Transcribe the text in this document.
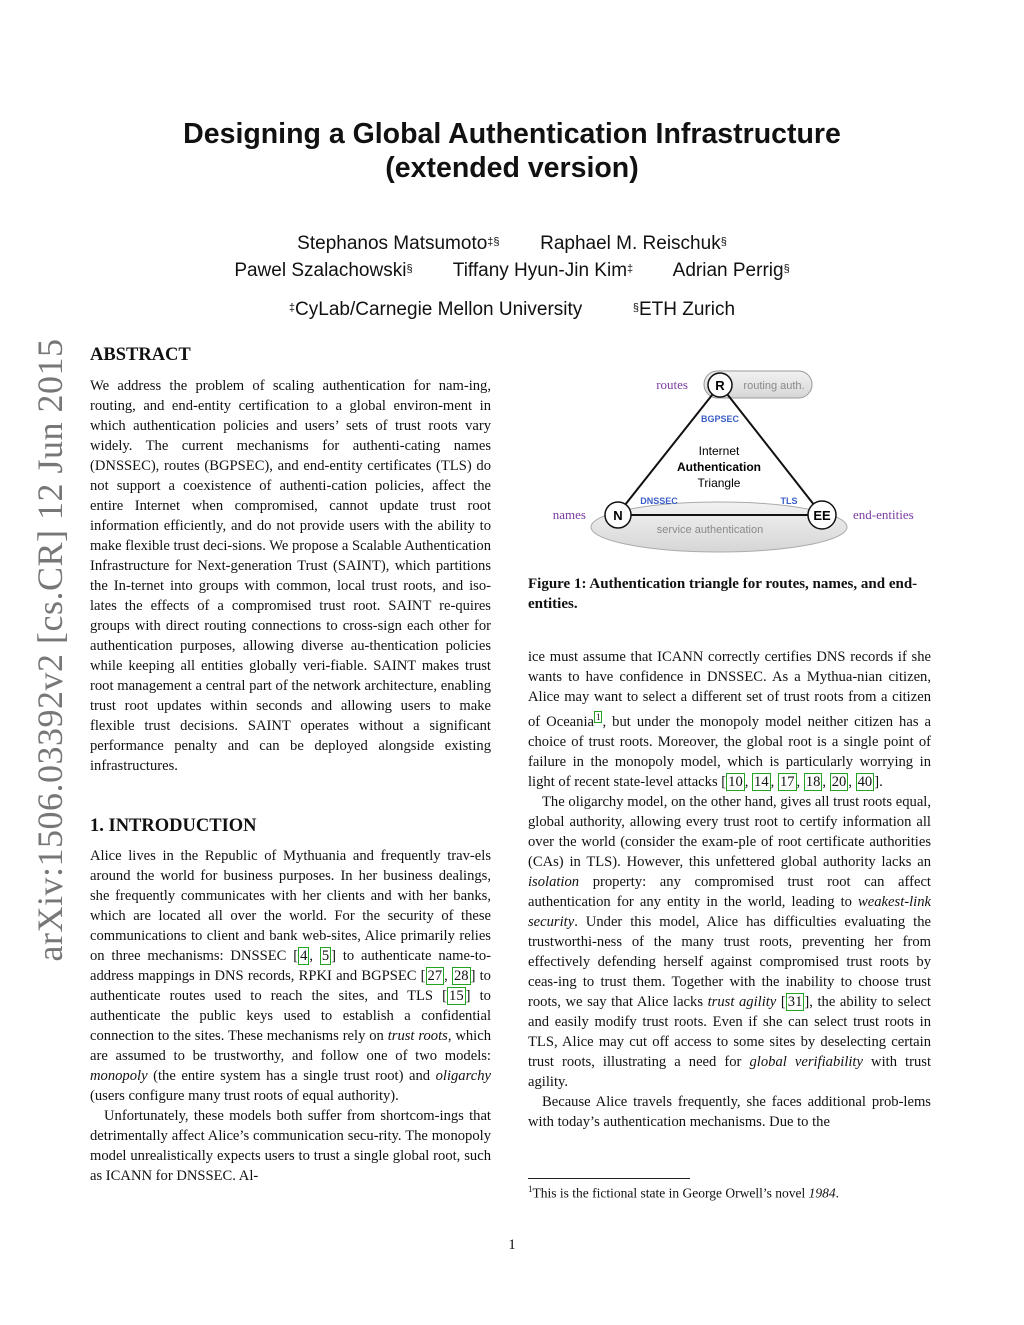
Designing a Global Authentication Infrastructure
(extended version)
Stephanos Matsumoto‡§ Raphael M. Reischuk§
Pawel Szalachowski§ Tiffany Hyun-Jin Kim‡ Adrian Perrig§
‡CyLab/Carnegie Mellon University	§ETH Zurich
arXiv:1506.03392v2 [cs.CR] 12 Jun 2015 ABSTRACT

We address the problem of scaling authentication for nam-ing, routing, and end-entity certification to a global environ-ment in which authentication policies and users’ sets of trust roots vary widely. The current mechanisms for authenti-cating names (DNSSEC), routes (BGPSEC), and end-entity certificates (TLS) do not support a coexistence of authenti-cation policies, affect the entire Internet when compromised, cannot update trust root information efficiently, and do not provide users with the ability to make flexible trust deci-sions. We propose a Scalable Authentication Infrastructure for Next-generation Trust (SAINT), which partitions the In-ternet into groups with common, local trust roots, and iso-lates the effects of a compromised trust root. SAINT re-quires groups with direct routing connections to cross-sign each other for authentication purposes, allowing diverse au-thentication policies while keeping all entities globally veri-fiable. SAINT makes trust root management a central part of the network architecture, enabling trust root updates within seconds and allowing users to make flexible trust decisions. SAINT operates without a significant performance penalty and can be deployed alongside existing infrastructures.

1. INTRODUCTION

Alice lives in the Republic of Mythuania and frequently trav-els around the world for business purposes. In her business dealings, she frequently communicates with her clients and with her banks, which are located all over the world. For the security of these communications to client and bank web-sites, Alice primarily relies on three mechanisms: DNSSEC [ 4 , 5 ] to authenticate name-to-address mappings in DNS records, RPKI and BGPSEC [ 27 , 28 ] to authenticate routes used to reach the sites, and TLS [ 15 ] to authenticate the public keys used to establish a confidential connection to the sites. These mechanisms rely on trust roots, which are assumed to be trustworthy, and follow one of two models: monopoly (the entire system has a single trust root) and oligarchy (users configure many trust roots of equal authority).

Unfortunately, these models both suffer from shortcom-ings that detrimentally affect Alice’s communication secu-rity. The monopoly model unrealistically expects users to trust a single global root, such as ICANN for DNSSEC. Al-

routing auth.
service authentication
R
N	EE
routes
names	end-entities
BGPSEC
DNSSEC	TLS
Internet
Authentication
Triangle
Figure 1: Authentication triangle for routes, names, and end-entities.

ice must assume that ICANN correctly certifies DNS records if she wants to have confidence in DNSSEC. As a Mythua-nian citizen, Alice may want to select a different set of trust roots from a citizen of Oceania $^1$ , but under the monopoly model neither citizen has a choice of trust roots. Moreover, the global root is a single point of failure in the monopoly model, which is particularly worrying in light of recent state-level attacks [ 10 , 14 , 17 , 18 , 20 , 40 ].

The oligarchy model, on the other hand, gives all trust roots equal, global authority, allowing every trust root to certify information all over the world (consider the exam-ple of root certificate authorities (CAs) in TLS). However, this unfettered global authority lacks an isolation property: any compromised trust root can affect authentication for any entity in the world, leading to weakest-link security. Under this model, Alice has difficulties evaluating the trustworthi-ness of the many trust roots, preventing her from effectively defending herself against compromised trust roots by ceas-ing to trust them. Together with the inability to choose trust roots, we say that Alice lacks trust agility [ 31 ], the ability to select and easily modify trust roots. Even if she can select trust roots in TLS, Alice may cut off access to some sites by deselecting certain trust roots, illustrating a need for global verifiability with trust agility.

Because Alice travels frequently, she faces additional prob-lems with today’s authentication mechanisms. Due to the

$^1$This is the fictional state in George Orwell’s novel 1984.
1
